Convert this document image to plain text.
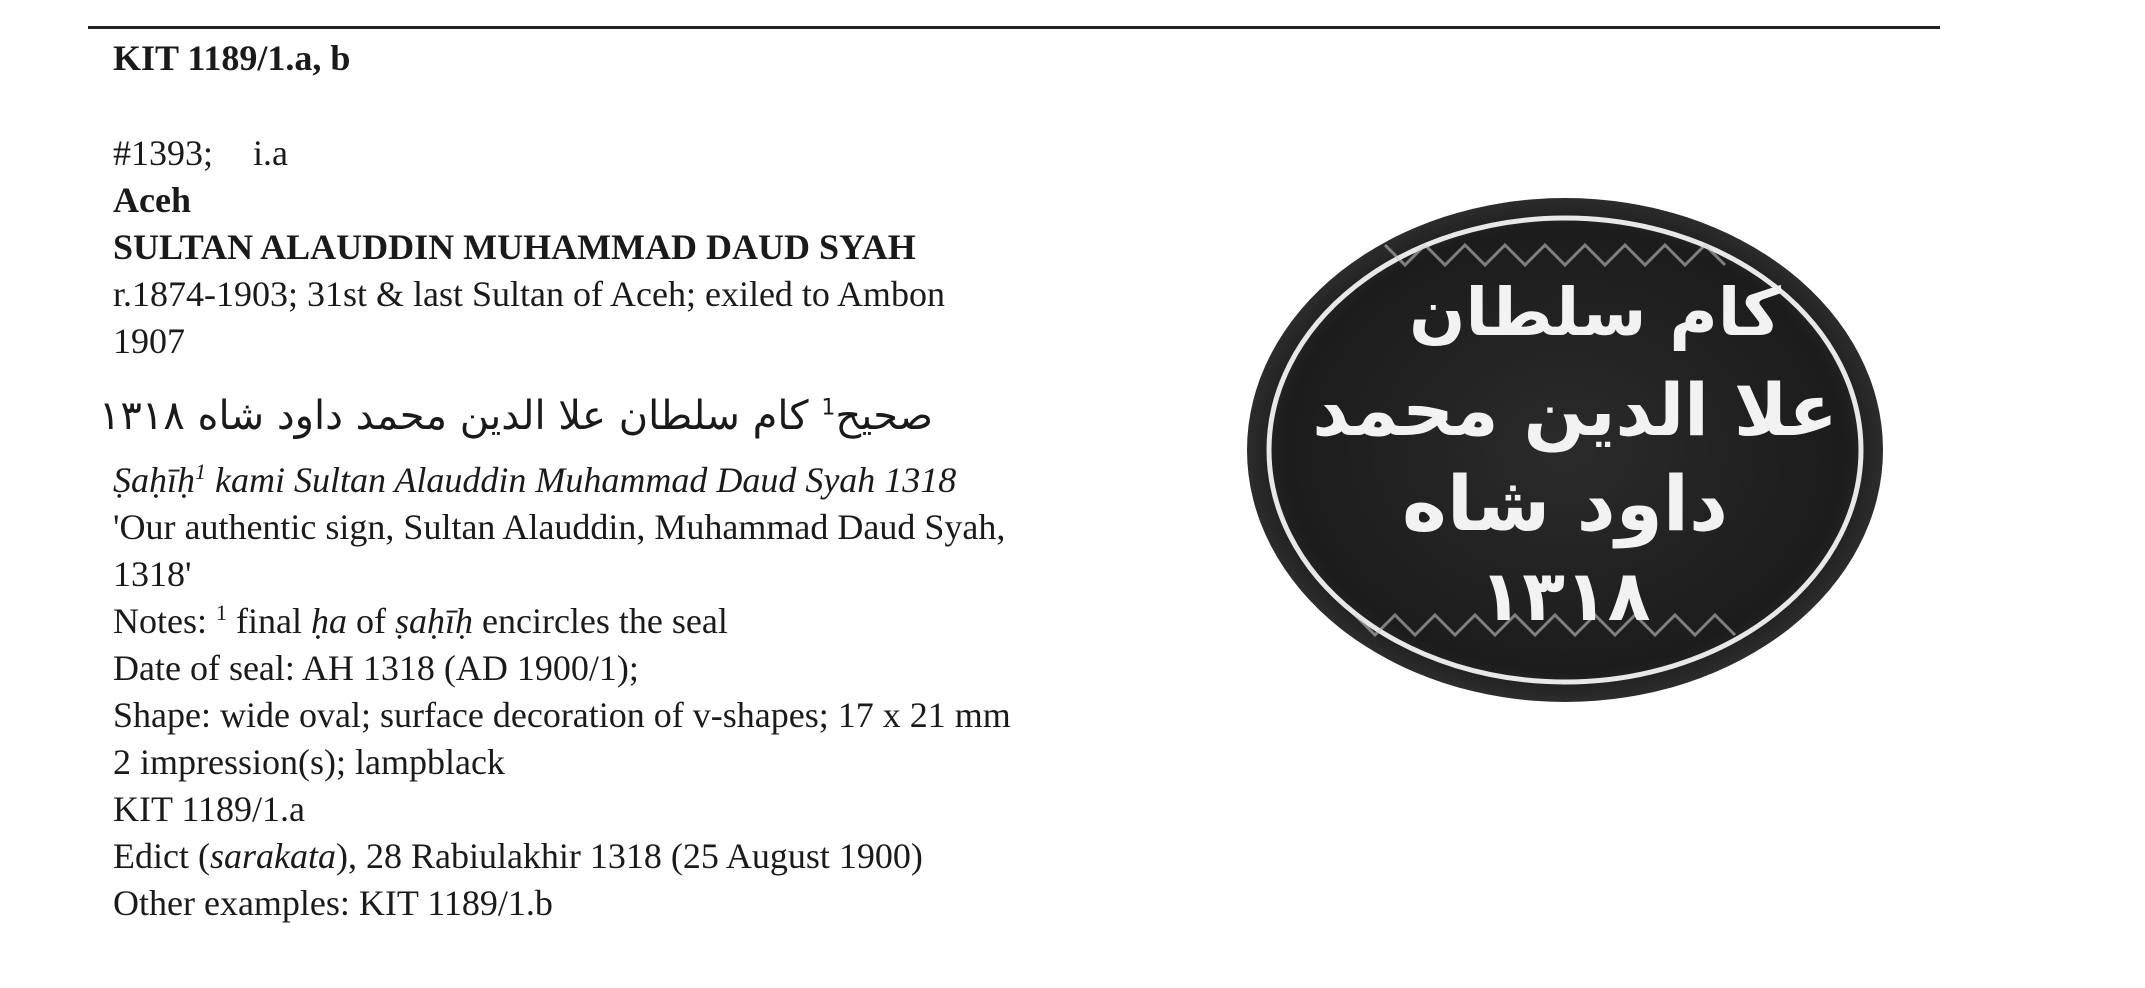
KIT 1189/1.a, b
#1393; i.a
Aceh
SULTAN ALAUDDIN MUHAMMAD DAUD SYAH
r.1874-1903; 31st & last Sultan of Aceh; exiled to Ambon
1907
صحيح$^1$ كام سلطان علا الدين محمد داود شاه ١٣١٨
Ṣaḥīḥ$^1$ kami Sultan Alauddin Muhammad Daud Syah 1318
'Our authentic sign, Sultan Alauddin, Muhammad Daud Syah,
1318'
Notes: $^1$ final ḥa of ṣaḥīḥ encircles the seal
Date of seal: AH 1318 (AD 1900/1);
Shape: wide oval; surface decoration of v-shapes; 17 x 21 mm
2 impression(s); lampblack
KIT 1189/1.a
Edict (sarakata), 28 Rabiulakhir 1318 (25 August 1900)
Other examples: KIT 1189/1.b
كام سلطان
علا الدين محمد
داود شاه
١٣١٨
